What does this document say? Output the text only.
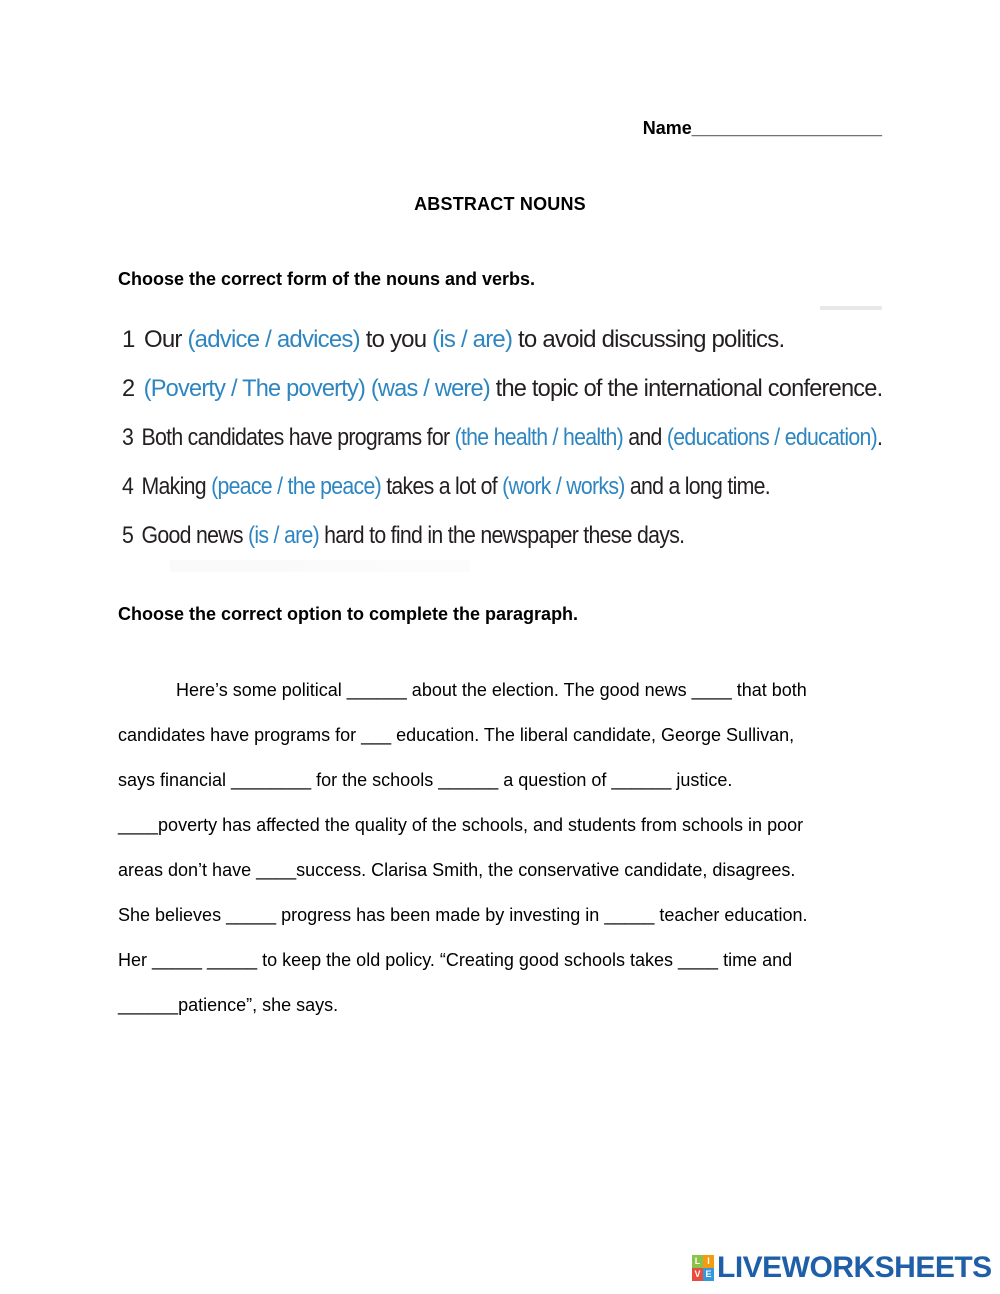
Name___________________
ABSTRACT NOUNS
Choose the correct form of the nouns and verbs.
1 Our (advice / advices) to you (is / are) to avoid discussing politics.
2 (Poverty / The poverty) (was / were) the topic of the international conference.
3 Both candidates have programs for (the health / health) and (educations / education).
4 Making (peace / the peace) takes a lot of (work / works) and a long time.
5 Good news (is / are) hard to find in the newspaper these days.
Choose the correct option to complete the paragraph.
Here’s some political ______ about the election. The good news ____ that both
candidates have programs for ___ education. The liberal candidate, George Sullivan,
says financial ________ for the schools ______ a question of ______ justice.
____poverty has affected the quality of the schools, and students from schools in poor
areas don’t have ____success. Clarisa Smith, the conservative candidate, disagrees.
She believes _____ progress has been made by investing in _____ teacher education.
Her _____ _____ to keep the old policy. “Creating good schools takes ____ time and
______patience”, she says.
L I
V E LIVEWORKSHEETS
